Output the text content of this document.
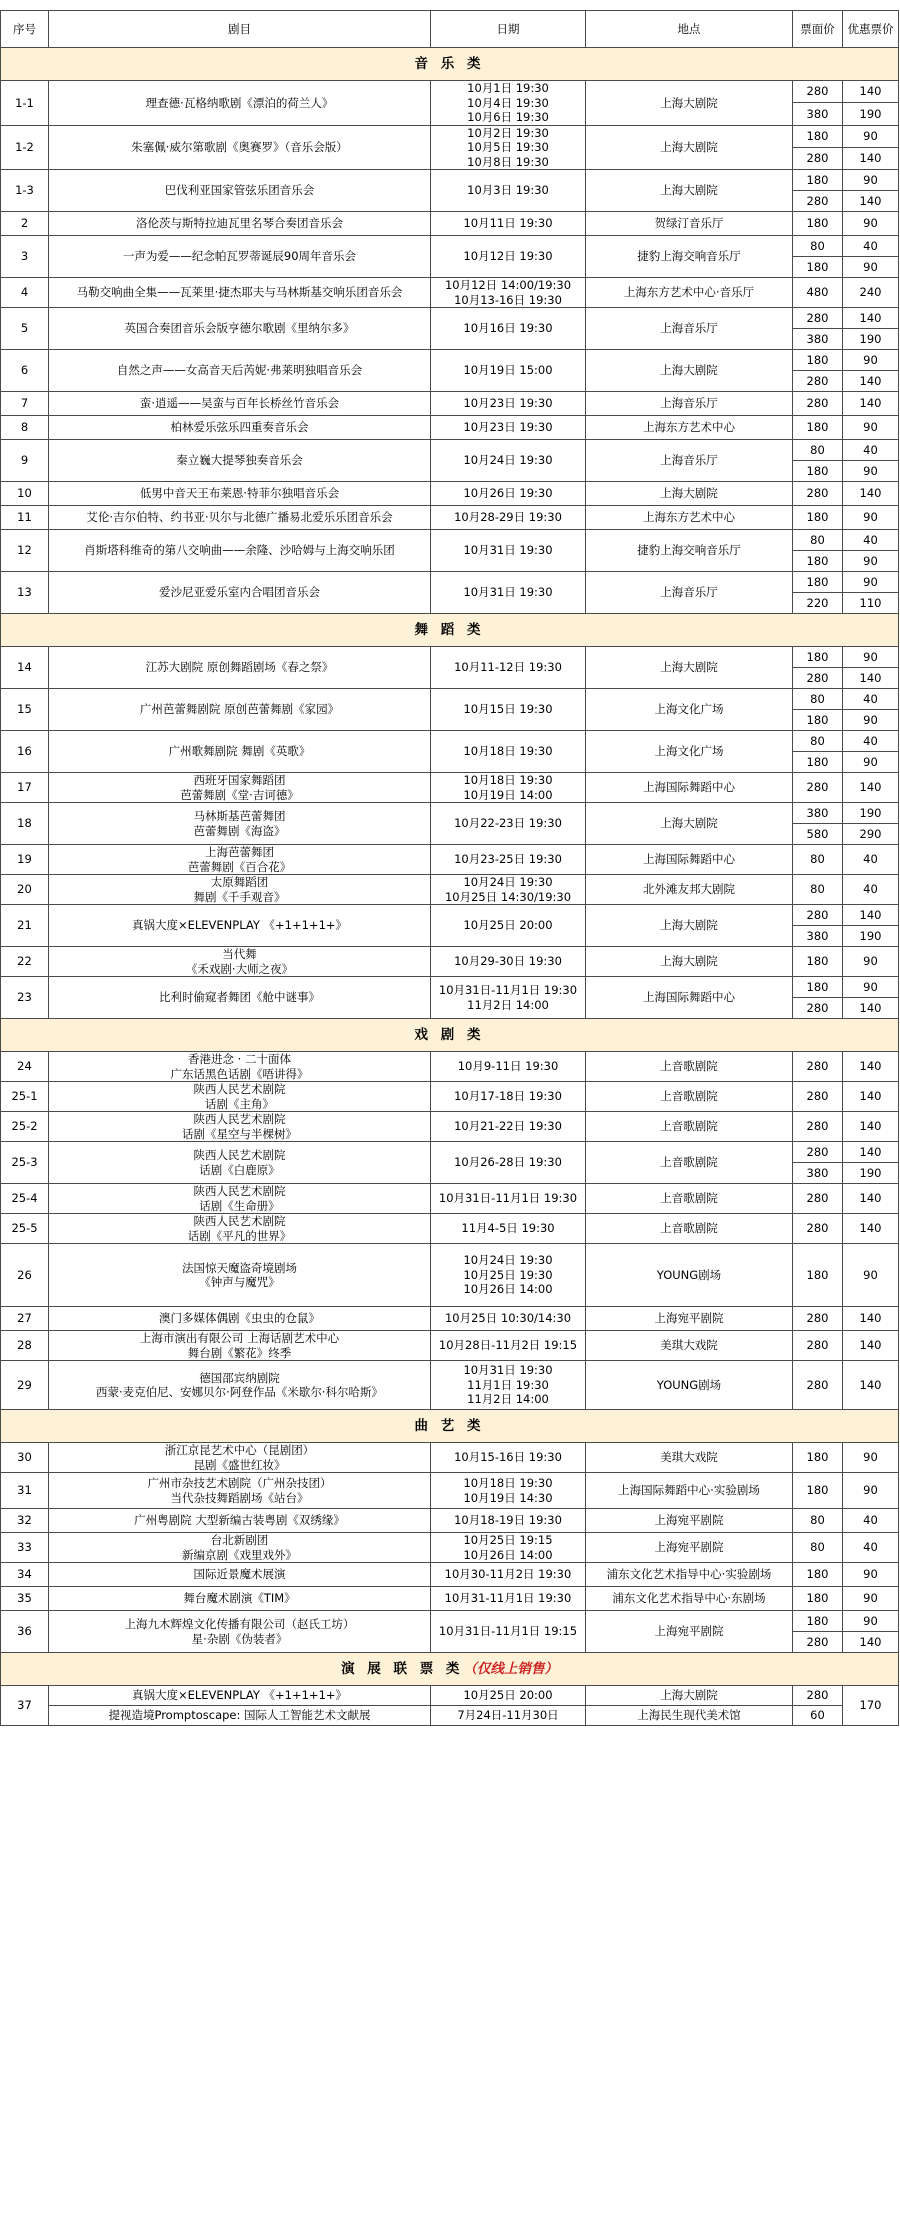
序号	剧目	日期	地点	票面价	优惠票价
音 乐 类					
1-1	理查德·瓦格纳歌剧《漂泊的荷兰人》	10月1日 19:30
10月4日 19:30
10月6日 19:30	上海大剧院	280	140
				380	190
1-2	朱塞佩·威尔第歌剧《奥赛罗》（音乐会版）	10月2日 19:30
10月5日 19:30
10月8日 19:30	上海大剧院	180	90
				280	140
1-3	巴伐利亚国家管弦乐团音乐会	10月3日 19:30	上海大剧院	180	90
				280	140
2	洛伦茨与斯特拉迪瓦里名琴合奏团音乐会	10月11日 19:30	贺绿汀音乐厅	180	90
3	一声为爱——纪念帕瓦罗蒂诞辰90周年音乐会	10月12日 19:30	捷豹上海交响音乐厅	80	40
				180	90
4	马勒交响曲全集——瓦莱里·捷杰耶夫与马林斯基交响乐团音乐会	10月12日 14:00/19:30
10月13-16日 19:30	上海东方艺术中心·音乐厅	480	240
5	英国合奏团音乐会版亨德尔歌剧《里纳尔多》	10月16日 19:30	上海音乐厅	280	140
				380	190
6	自然之声——女高音天后芮妮·弗莱明独唱音乐会	10月19日 15:00	上海大剧院	180	90
				280	140
7	蛮·逍遥——吴蛮与百年长桥丝竹音乐会	10月23日 19:30	上海音乐厅	280	140
8	柏林爱乐弦乐四重奏音乐会	10月23日 19:30	上海东方艺术中心	180	90
9	秦立巍大提琴独奏音乐会	10月24日 19:30	上海音乐厅	80	40
				180	90
10	低男中音天王布莱恩·特菲尔独唱音乐会	10月26日 19:30	上海大剧院	280	140
11	艾伦·吉尔伯特、约书亚·贝尔与北德广播易北爱乐乐团音乐会	10月28-29日 19:30	上海东方艺术中心	180	90
12	肖斯塔科维奇的第八交响曲——余隆、沙哈姆与上海交响乐团	10月31日 19:30	捷豹上海交响音乐厅	80	40
				180	90
13	爱沙尼亚爱乐室内合唱团音乐会	10月31日 19:30	上海音乐厅	180	90
				220	110
舞 蹈 类					
14	江苏大剧院 原创舞蹈剧场《春之祭》	10月11-12日 19:30	上海大剧院	180	90
				280	140
15	广州芭蕾舞剧院 原创芭蕾舞剧《家园》	10月15日 19:30	上海文化广场	80	40
				180	90
16	广州歌舞剧院 舞剧《英歌》	10月18日 19:30	上海文化广场	80	40
				180	90
17	西班牙国家舞蹈团
芭蕾舞剧《堂·吉诃德》	10月18日 19:30
10月19日 14:00	上海国际舞蹈中心	280	140
18	马林斯基芭蕾舞团
芭蕾舞剧《海盗》	10月22-23日 19:30	上海大剧院	380	190
				580	290
19	上海芭蕾舞团
芭蕾舞剧《百合花》	10月23-25日 19:30	上海国际舞蹈中心	80	40
20	太原舞蹈团
舞剧《千手观音》	10月24日 19:30
10月25日 14:30/19:30	北外滩友邦大剧院	80	40
21	真锅大度×ELEVENPLAY 《+1+1+1+》	10月25日 20:00	上海大剧院	280	140
				380	190
22	当代舞
《禾戏剧·大师之夜》	10月29-30日 19:30	上海大剧院	180	90
23	比利时偷窥者舞团《舱中谜事》	10月31日-11月1日 19:30
11月2日 14:00	上海国际舞蹈中心	180	90
				280	140
戏 剧 类					
24	香港进念 · 二十面体
广东话黑色话剧《唔讲得》	10月9-11日 19:30	上音歌剧院	280	140
25-1	陕西人民艺术剧院
话剧《主角》	10月17-18日 19:30	上音歌剧院	280	140
25-2	陕西人民艺术剧院
话剧《星空与半棵树》	10月21-22日 19:30	上音歌剧院	280	140
25-3	陕西人民艺术剧院
话剧《白鹿原》	10月26-28日 19:30	上音歌剧院	280	140
				380	190
25-4	陕西人民艺术剧院
话剧《生命册》	10月31日-11月1日 19:30	上音歌剧院	280	140
25-5	陕西人民艺术剧院
话剧《平凡的世界》	11月4-5日 19:30	上音歌剧院	280	140
26	法国惊天魔盗奇境剧场
《钟声与魔咒》	10月24日 19:30
10月25日 19:30
10月26日 14:00	YOUNG剧场	180	90
27	澳门多媒体偶剧《虫虫的仓鼠》	10月25日 10:30/14:30	上海宛平剧院	280	140
28	上海市演出有限公司 上海话剧艺术中心
舞台剧《繁花》终季	10月28日-11月2日 19:15	美琪大戏院	280	140
29	德国邵宾纳剧院
西蒙·麦克伯尼、安娜贝尔·阿登作品《米歇尔·科尔哈斯》	10月31日 19:30
11月1日 19:30
11月2日 14:00	YOUNG剧场	280	140
曲 艺 类					
30	浙江京昆艺术中心（昆剧团）
昆剧《盛世红妆》	10月15-16日 19:30	美琪大戏院	180	90
31	广州市杂技艺术剧院（广州杂技团）
当代杂技舞蹈剧场《站台》	10月18日 19:30
10月19日 14:30	上海国际舞蹈中心·实验剧场	180	90
32	广州粤剧院 大型新编古装粤剧《双绣缘》	10月18-19日 19:30	上海宛平剧院	80	40
33	台北新剧团
新编京剧《戏里戏外》	10月25日 19:15
10月26日 14:00	上海宛平剧院	80	40
34	国际近景魔术展演	10月30-11月2日 19:30	浦东文化艺术指导中心·实验剧场	180	90
35	舞台魔术剧演《TIM》	10月31-11月1日 19:30	浦东文化艺术指导中心·东剧场	180	90
36	上海九木辉煌文化传播有限公司（赵氏工坊）
星·杂剧《伪装者》	10月31日-11月1日 19:15	上海宛平剧院	180	90
				280	140
演 展 联 票 类（仅线上销售）					
37	真锅大度×ELEVENPLAY 《+1+1+1+》	10月25日 20:00	上海大剧院	280	170
	提视造境Promptoscape: 国际人工智能艺术文献展	7月24日-11月30日	上海民生现代美术馆	60	
